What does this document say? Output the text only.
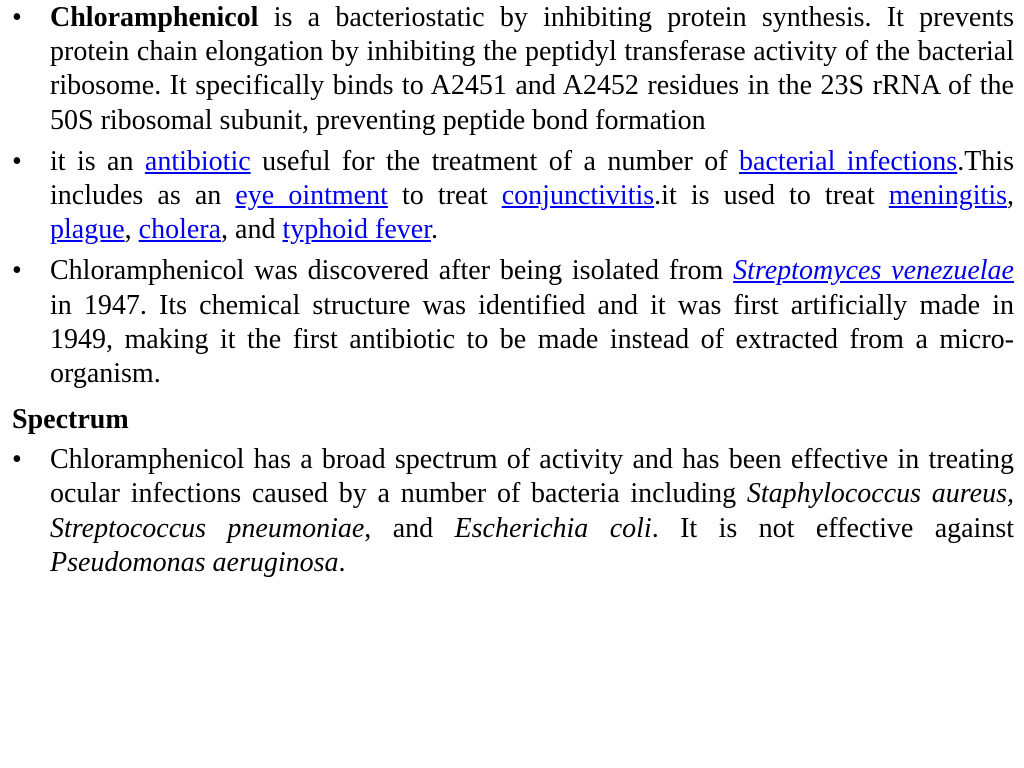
• Chloramphenicol is a bacteriostatic by inhibiting protein synthesis. It prevents protein chain elongation by inhibiting the peptidyl transferase activity of the bacterial ribosome. It specifically binds to A2451 and A2452 residues in the 23S rRNA of the 50S ribosomal subunit, preventing peptide bond formation

• it is an antibiotic useful for the treatment of a number of bacterial infections.This includes as an eye ointment to treat conjunctivitis.it is used to treat meningitis, plague, cholera, and typhoid fever.

• Chloramphenicol was discovered after being isolated from Streptomyces venezuelae in 1947. Its chemical structure was identified and it was first artificially made in 1949, making it the first antibiotic to be made instead of extracted from a micro-organism.

Spectrum

• Chloramphenicol has a broad spectrum of activity and has been effective in treating ocular infections caused by a number of bacteria including Staphylococcus aureus, Streptococcus pneumoniae, and Escherichia coli. It is not effective against Pseudomonas aeruginosa.
